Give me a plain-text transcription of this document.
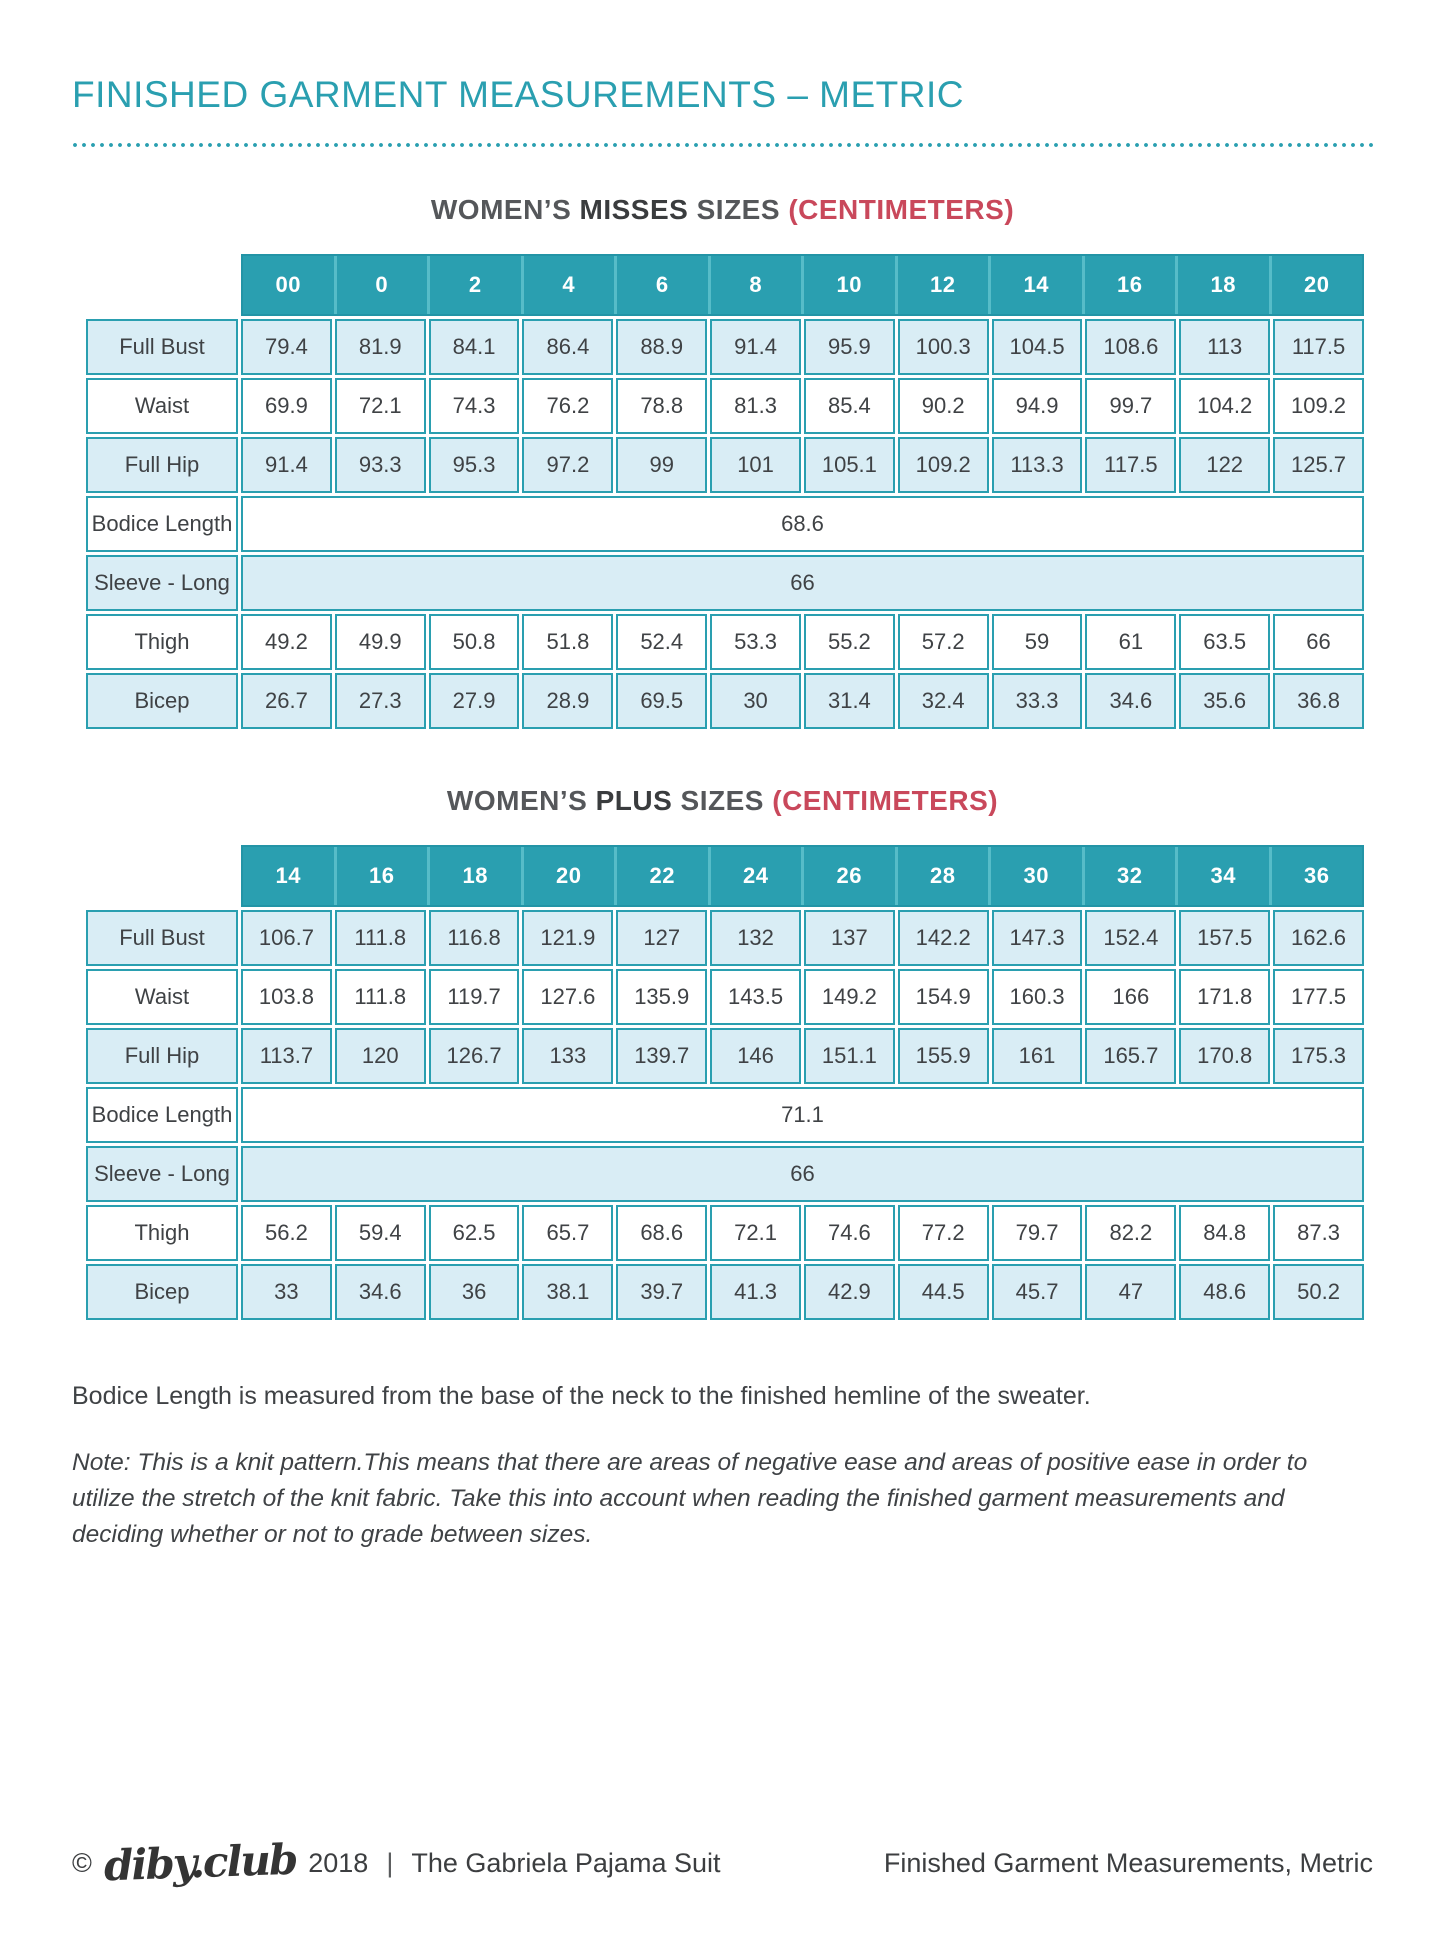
FINISHED GARMENT MEASUREMENTS – METRIC
WOMEN’S MISSES SIZES (CENTIMETERS)
00	0	2	4	6	8	10	12	14	16	18	20
Full Bust	79.4	81.9	84.1	86.4	88.9	91.4	95.9	100.3	104.5	108.6	113	117.5
Waist	69.9	72.1	74.3	76.2	78.8	81.3	85.4	90.2	94.9	99.7	104.2	109.2
Full Hip	91.4	93.3	95.3	97.2	99	101	105.1	109.2	113.3	117.5	122	125.7
Bodice Length	68.6
Sleeve - Long	66
Thigh	49.2	49.9	50.8	51.8	52.4	53.3	55.2	57.2	59	61	63.5	66
Bicep	26.7	27.3	27.9	28.9	69.5	30	31.4	32.4	33.3	34.6	35.6	36.8
WOMEN’S PLUS SIZES (CENTIMETERS)
14	16	18	20	22	24	26	28	30	32	34	36
Full Bust	106.7	111.8	116.8	121.9	127	132	137	142.2	147.3	152.4	157.5	162.6
Waist	103.8	111.8	119.7	127.6	135.9	143.5	149.2	154.9	160.3	166	171.8	177.5
Full Hip	113.7	120	126.7	133	139.7	146	151.1	155.9	161	165.7	170.8	175.3
Bodice Length	71.1
Sleeve - Long	66
Thigh	56.2	59.4	62.5	65.7	68.6	72.1	74.6	77.2	79.7	82.2	84.8	87.3
Bicep	33	34.6	36	38.1	39.7	41.3	42.9	44.5	45.7	47	48.6	50.2

Bodice Length is measured from the base of the neck to the finished hemline of the sweater.

Note: This is a knit pattern.This means that there are areas of negative ease and areas of positive ease in order to utilize the stretch of the knit fabric. Take this into account when reading the finished garment measurements and deciding whether or not to grade between sizes.

© diby.club 2018 | The Gabriela Pajama Suit	Finished Garment Measurements, Metric
